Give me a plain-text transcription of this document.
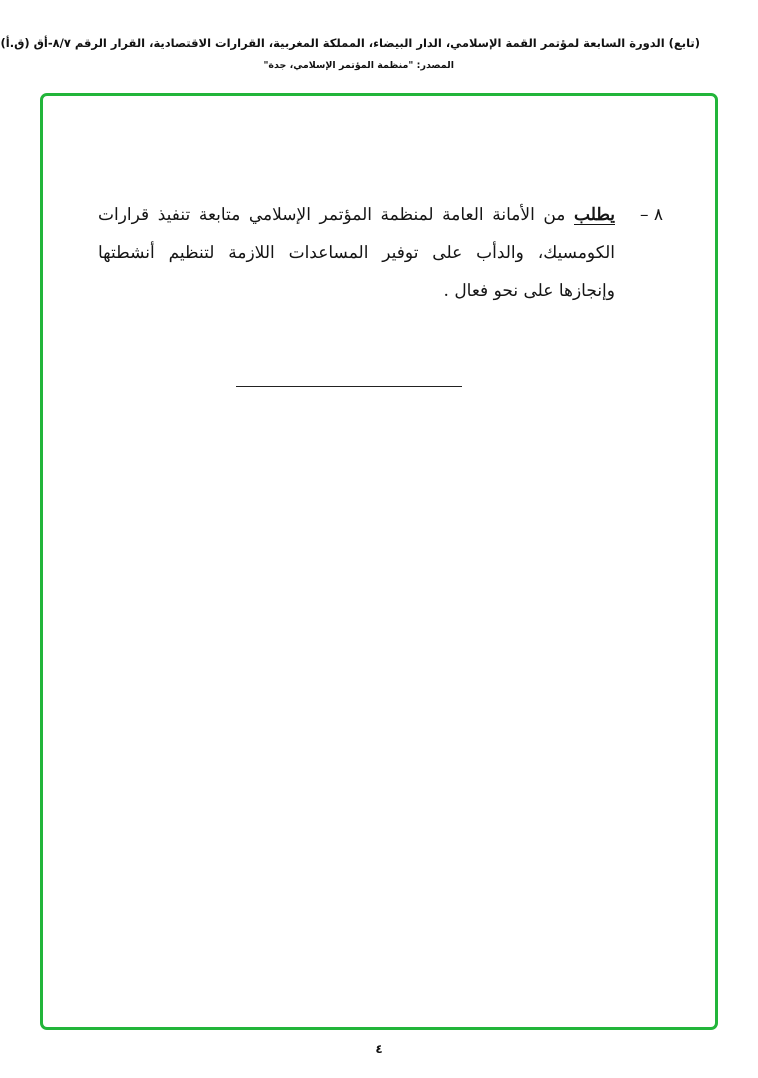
(تابع) الدورة السابعة لمؤتمر القمة الإسلامي، الدار البيضاء، المملكة المغربية، القرارات الاقتصادية، القرار الرقم ٨/٧-أق (ق.أ)
المصدر: "منظمة المؤتمر الإسلامي، جدة"
٨ –
يطلب من الأمانة العامة لمنظمة المؤتمر الإسلامي متابعة تنفيذ قرارات الكومسيك، والدأب على توفير المساعدات اللازمة لتنظيم أنشطتها وإنجازها على نحو فعال .
٤
